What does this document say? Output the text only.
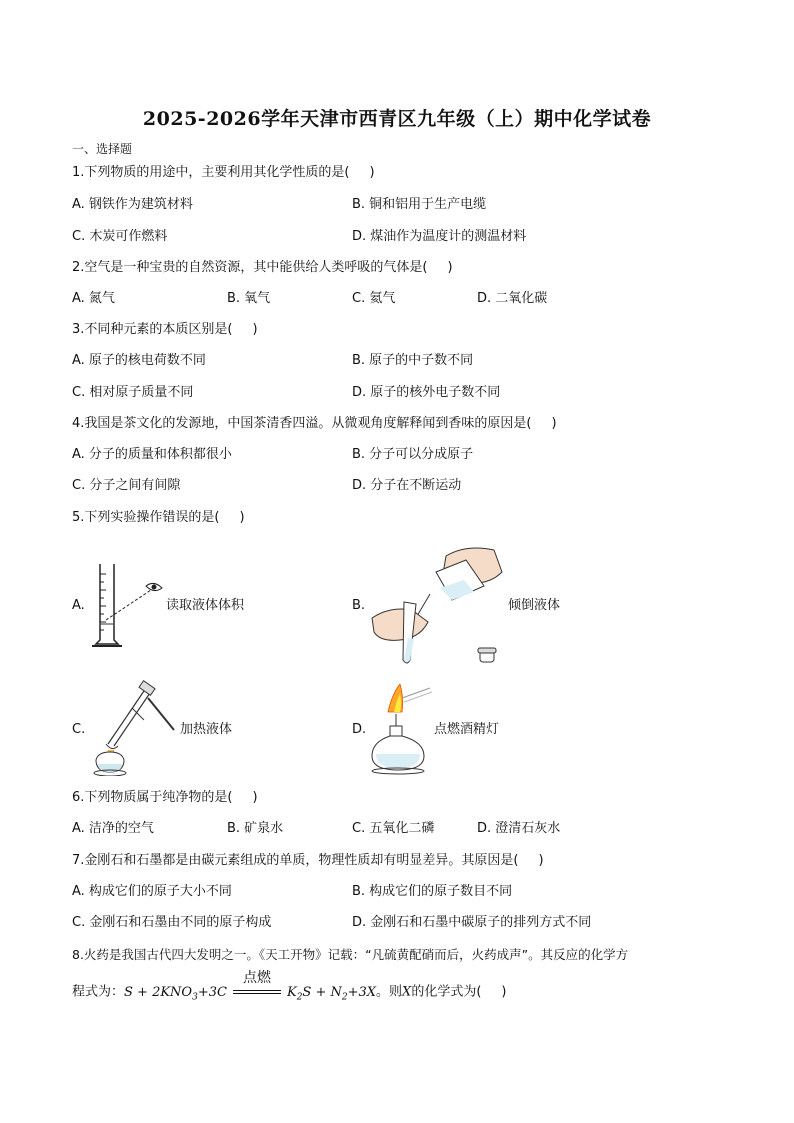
2025-2026学年天津市西青区九年级（上）期中化学试卷
一、选择题
1.下列物质的用途中，主要利用其化学性质的是( )
A. 钢铁作为建筑材料	B. 铜和铝用于生产电缆
C. 木炭可作燃料	D. 煤油作为温度计的测温材料
2.空气是一种宝贵的自然资源，其中能供给人类呼吸的气体是( )
A. 氮气	B. 氧气	C. 氦气	D. 二氧化碳
3.不同种元素的本质区别是( )
A. 原子的核电荷数不同	B. 原子的中子数不同
C. 相对原子质量不同	D. 原子的核外电子数不同
4.我国是茶文化的发源地，中国茶清香四溢。从微观角度解释闻到香味的原因是( )
A. 分子的质量和体积都很小	B. 分子可以分成原子
C. 分子之间有间隙	D. 分子在不断运动
5.下列实验操作错误的是( )
A.	读取液体体积	B.	倾倒液体
C.	加热液体	D.	点燃酒精灯
6.下列物质属于纯净物的是( )
A. 洁净的空气	B. 矿泉水	C. 五氧化二磷	D. 澄清石灰水
7.金刚石和石墨都是由碳元素组成的单质，物理性质却有明显差异。其原因是( )
A. 构成它们的原子大小不同	B. 构成它们的原子数目不同
C. 金刚石和石墨由不同的原子构成	D. 金刚石和石墨中碳原子的排列方式不同
8.火药是我国古代四大发明之一。《天工开物》记载：“凡硫黄配硝而后，火药成声”。其反应的化学方
程式为：$S + 2KNO_3+3C$
点燃
$K_2S + N_2+3X$。则X的化学式为( )
